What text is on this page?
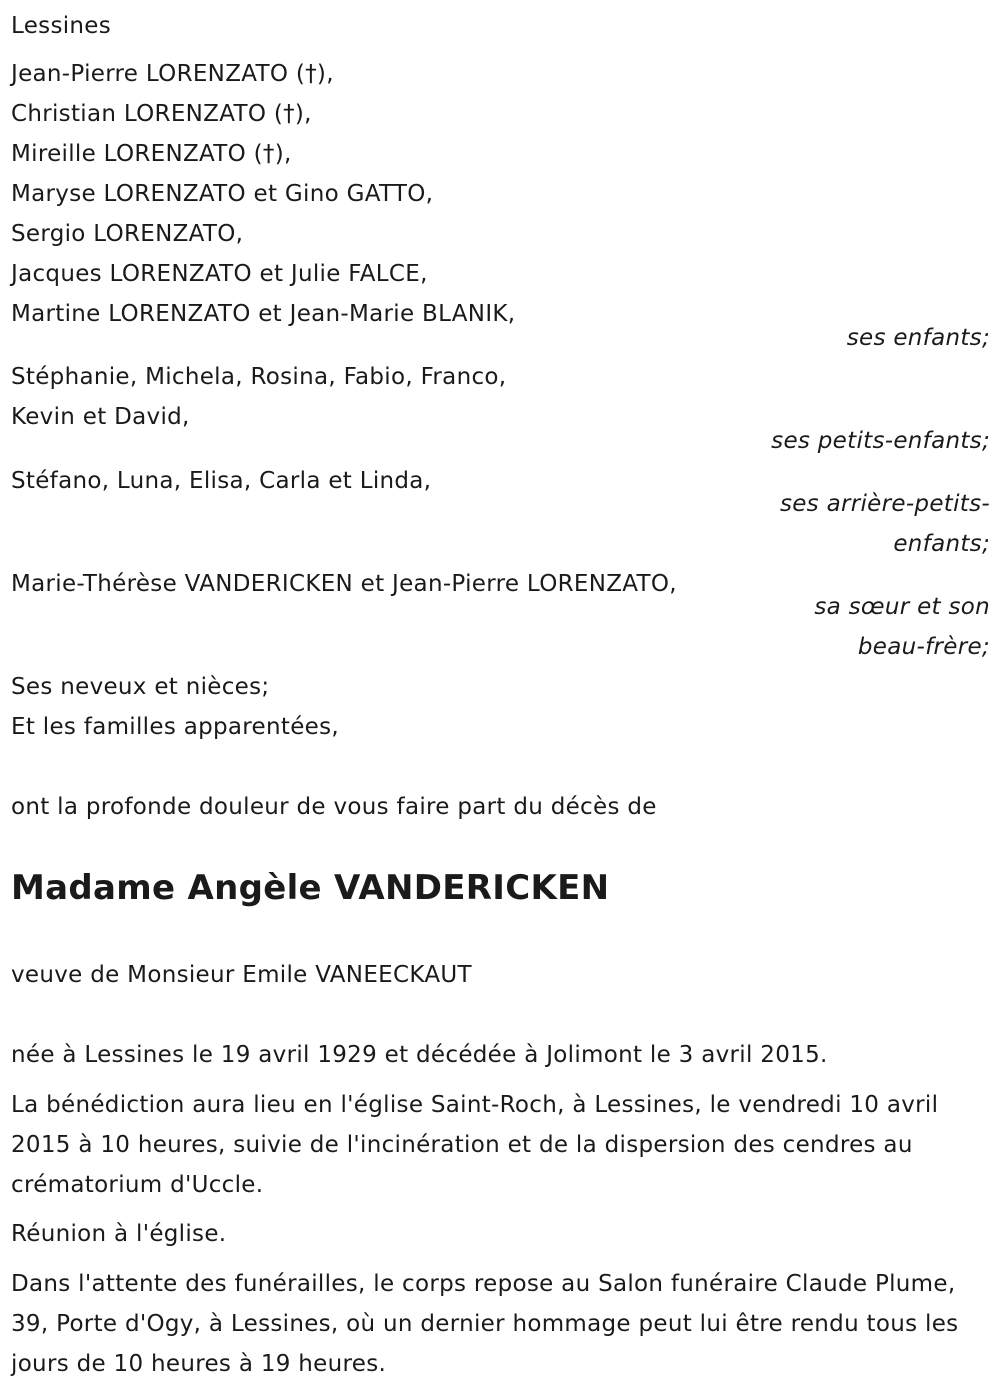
Lessines
Jean-Pierre LORENZATO (†),
Christian LORENZATO (†),
Mireille LORENZATO (†),
Maryse LORENZATO et Gino GATTO,
Sergio LORENZATO,
Jacques LORENZATO et Julie FALCE,
Martine LORENZATO et Jean-Marie BLANIK,
ses enfants;
Stéphanie, Michela, Rosina, Fabio, Franco,
Kevin et David,
ses petits-enfants;
Stéfano, Luna, Elisa, Carla et Linda,
ses arrière-petits-
enfants;
Marie-Thérèse VANDERICKEN et Jean-Pierre LORENZATO,
sa sœur et son
beau-frère;
Ses neveux et nièces;
Et les familles apparentées,
ont la profonde douleur de vous faire part du décès de
Madame Angèle VANDERICKEN
veuve de Monsieur Emile VANEECKAUT
née à Lessines le 19 avril 1929 et décédée à Jolimont le 3 avril 2015.
La bénédiction aura lieu en l'église Saint-Roch, à Lessines, le vendredi 10 avril 2015 à 10 heures, suivie de l'incinération et de la dispersion des cendres au crématorium d'Uccle.
Réunion à l'église.
Dans l'attente des funérailles, le corps repose au Salon funéraire Claude Plume, 39, Porte d'Ogy, à Lessines, où un dernier hommage peut lui être rendu tous les jours de 10 heures à 19 heures.
